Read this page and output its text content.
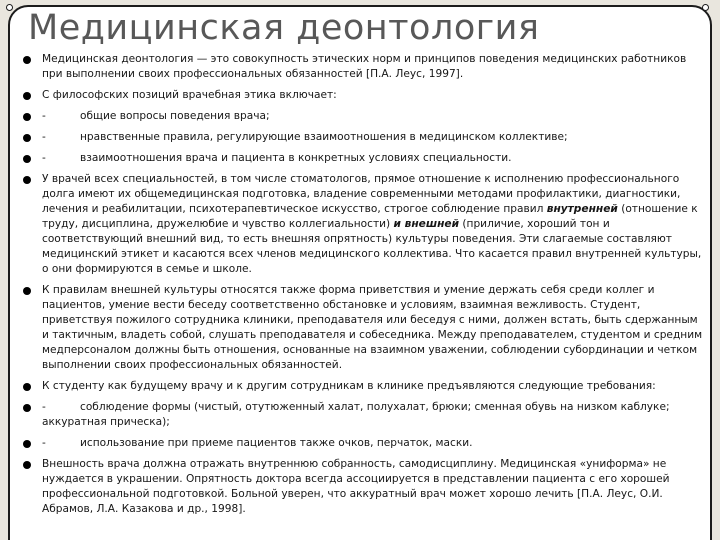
Медицинская деонтология
Медицинская деонтология — это совокупность этических норм и принципов поведения медицинских работников при выполнении своих профессиональных обязанностей [П.А. Леус, 1997].
С философских позиций врачебная этика включает:
-	общие вопросы поведения врача;
-	нравственные правила, регулирующие взаимоотношения в медицинском коллективе;
-	взаимоотношения врача и пациента в конкретных условиях специальности.
У врачей всех специальностей, в том числе стоматологов, прямое отношение к исполнению профессионального долга имеют их общемедицинская подготовка, владение современными методами профилактики, диагностики, лечения и реабилитации, психотерапевтическое искусство, строгое соблюдение правил внутренней (отношение к труду, дисциплина, дружелюбие и чувство коллегиальности) и внешней (приличие, хороший тон и соответствующий внешний вид, то есть внешняя опрятность) культуры поведения. Эти слагаемые составляют медицинский этикет и касаются всех членов медицинского коллектива. Что касается правил внутренней культуры, о они формируются в семье и школе.
К правилам внешней культуры относятся также форма приветствия и умение держать себя среди коллег и пациентов, умение вести беседу соответственно обстановке и условиям, взаимная вежливость. Студент, приветствуя пожилого сотрудника клиники, преподавателя или беседуя с ними, должен встать, быть сдержанным и тактичным, владеть собой, слушать преподавателя и собеседника. Между преподавателем, студентом и средним медперсоналом должны быть отношения, основанные на взаимном уважении, соблюдении субординации и четком выполнении своих профессиональных обязанностей.
К студенту как будущему врачу и к другим сотрудникам в клинике предъявляются следующие требования:
-	соблюдение формы (чистый, отутюженный халат, полухалат, брюки; сменная обувь на низком каблуке; аккуратная прическа);
-	использование при приеме пациентов также очков, перчаток, маски.
Внешность врача должна отражать внутреннюю собранность, самодисциплину. Медицинская «униформа» не нуждается в украшении. Опрятность доктора всегда ассоциируется в представлении пациента с его хорошей профессиональной подготовкой. Больной уверен, что аккуратный врач может хорошо лечить [П.А. Леус, О.И. Абрамов, Л.А. Казакова и др., 1998].
